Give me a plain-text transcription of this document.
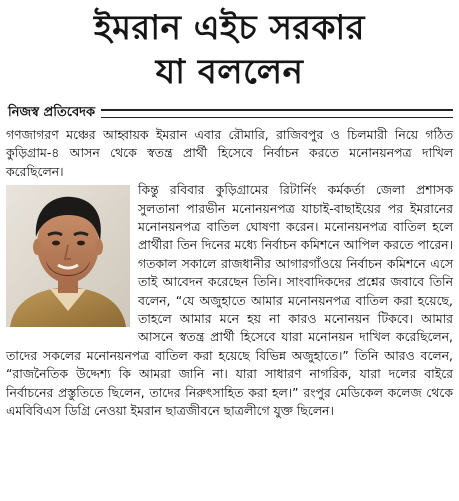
ইমরান এইচ সরকার
যা বললেন
নিজস্ব প্রতিবেদক

গণজাগরণ মঞ্চের আহ্বায়ক ইমরান এবার রৌমারি, রাজিবপুর ও চিলমারী নিয়ে গঠিত কুড়িগ্রাম-৪ আসন থেকে স্বতন্ত্র প্রার্থী হিসেবে নির্বাচন করতে মনোনয়নপত্র দাখিল করেছিলেন।

কিন্তু রবিবার কুড়িগ্রামের রিটার্নিং কর্মকর্তা জেলা প্রশাসক সুলতানা পারভীন মনোনয়নপত্র যাচাই-বাছাইয়ের পর ইমরানের মনোনয়নপত্র বাতিল ঘোষণা করেন। মনোনয়নপত্র বাতিল হলে প্রার্থীরা তিন দিনের মধ্যে নির্বাচন কমিশনে আপিল করতে পারেন। গতকাল সকালে রাজধানীর আগারগাঁওয়ে নির্বাচন কমিশনে এসে তাই আবেদন করেছেন তিনি। সাংবাদিকদের প্রশ্নের জবাবে তিনি বলেন, “যে অজুহাতে আমার মনোনয়নপত্র বাতিল করা হয়েছে, তাহলে আমার মনে হয় না কারও মনোনয়ন টিকবে। আমার আসনে স্বতন্ত্র প্রার্থী হিসেবে যারা মনোনয়ন দাখিল করেছিলেন, তাদের সকলের মনোনয়নপত্র বাতিল করা হয়েছে বিভিন্ন অজুহাতে।” তিনি আরও বলেন, “রাজনৈতিক উদ্দেশ্য কি আমরা জানি না। যারা সাধারণ নাগরিক, যারা দলের বাইরে নির্বাচনের প্রস্তুতিতে ছিলেন, তাদের নিরুৎসাহিত করা হল।” রংপুর মেডিকেল কলেজ থেকে এমবিবিএস ডিগ্রি নেওয়া ইমরান ছাত্রজীবনে ছাত্রলীগে যুক্ত ছিলেন।
